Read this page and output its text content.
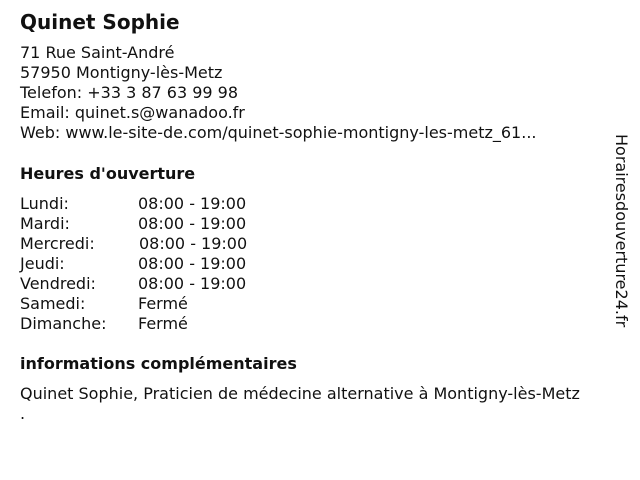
Quinet Sophie
71 Rue Saint-André
57950 Montigny-lès-Metz
Telefon: +33 3 87 63 99 98
Email: quinet.s@wanadoo.fr
Web: www.le-site-de.com/quinet-sophie-montigny-les-metz_61...
Heures d'ouverture
Lundi:	08:00 - 19:00
Mardi:	08:00 - 19:00
Mercredi:	08:00 - 19:00
Jeudi:	08:00 - 19:00
Vendredi:	08:00 - 19:00
Samedi:	Fermé
Dimanche: Fermé
informations complémentaires
Quinet Sophie, Praticien de médecine alternative à Montigny-lès-Metz
.
Horairesdouverture24.fr
